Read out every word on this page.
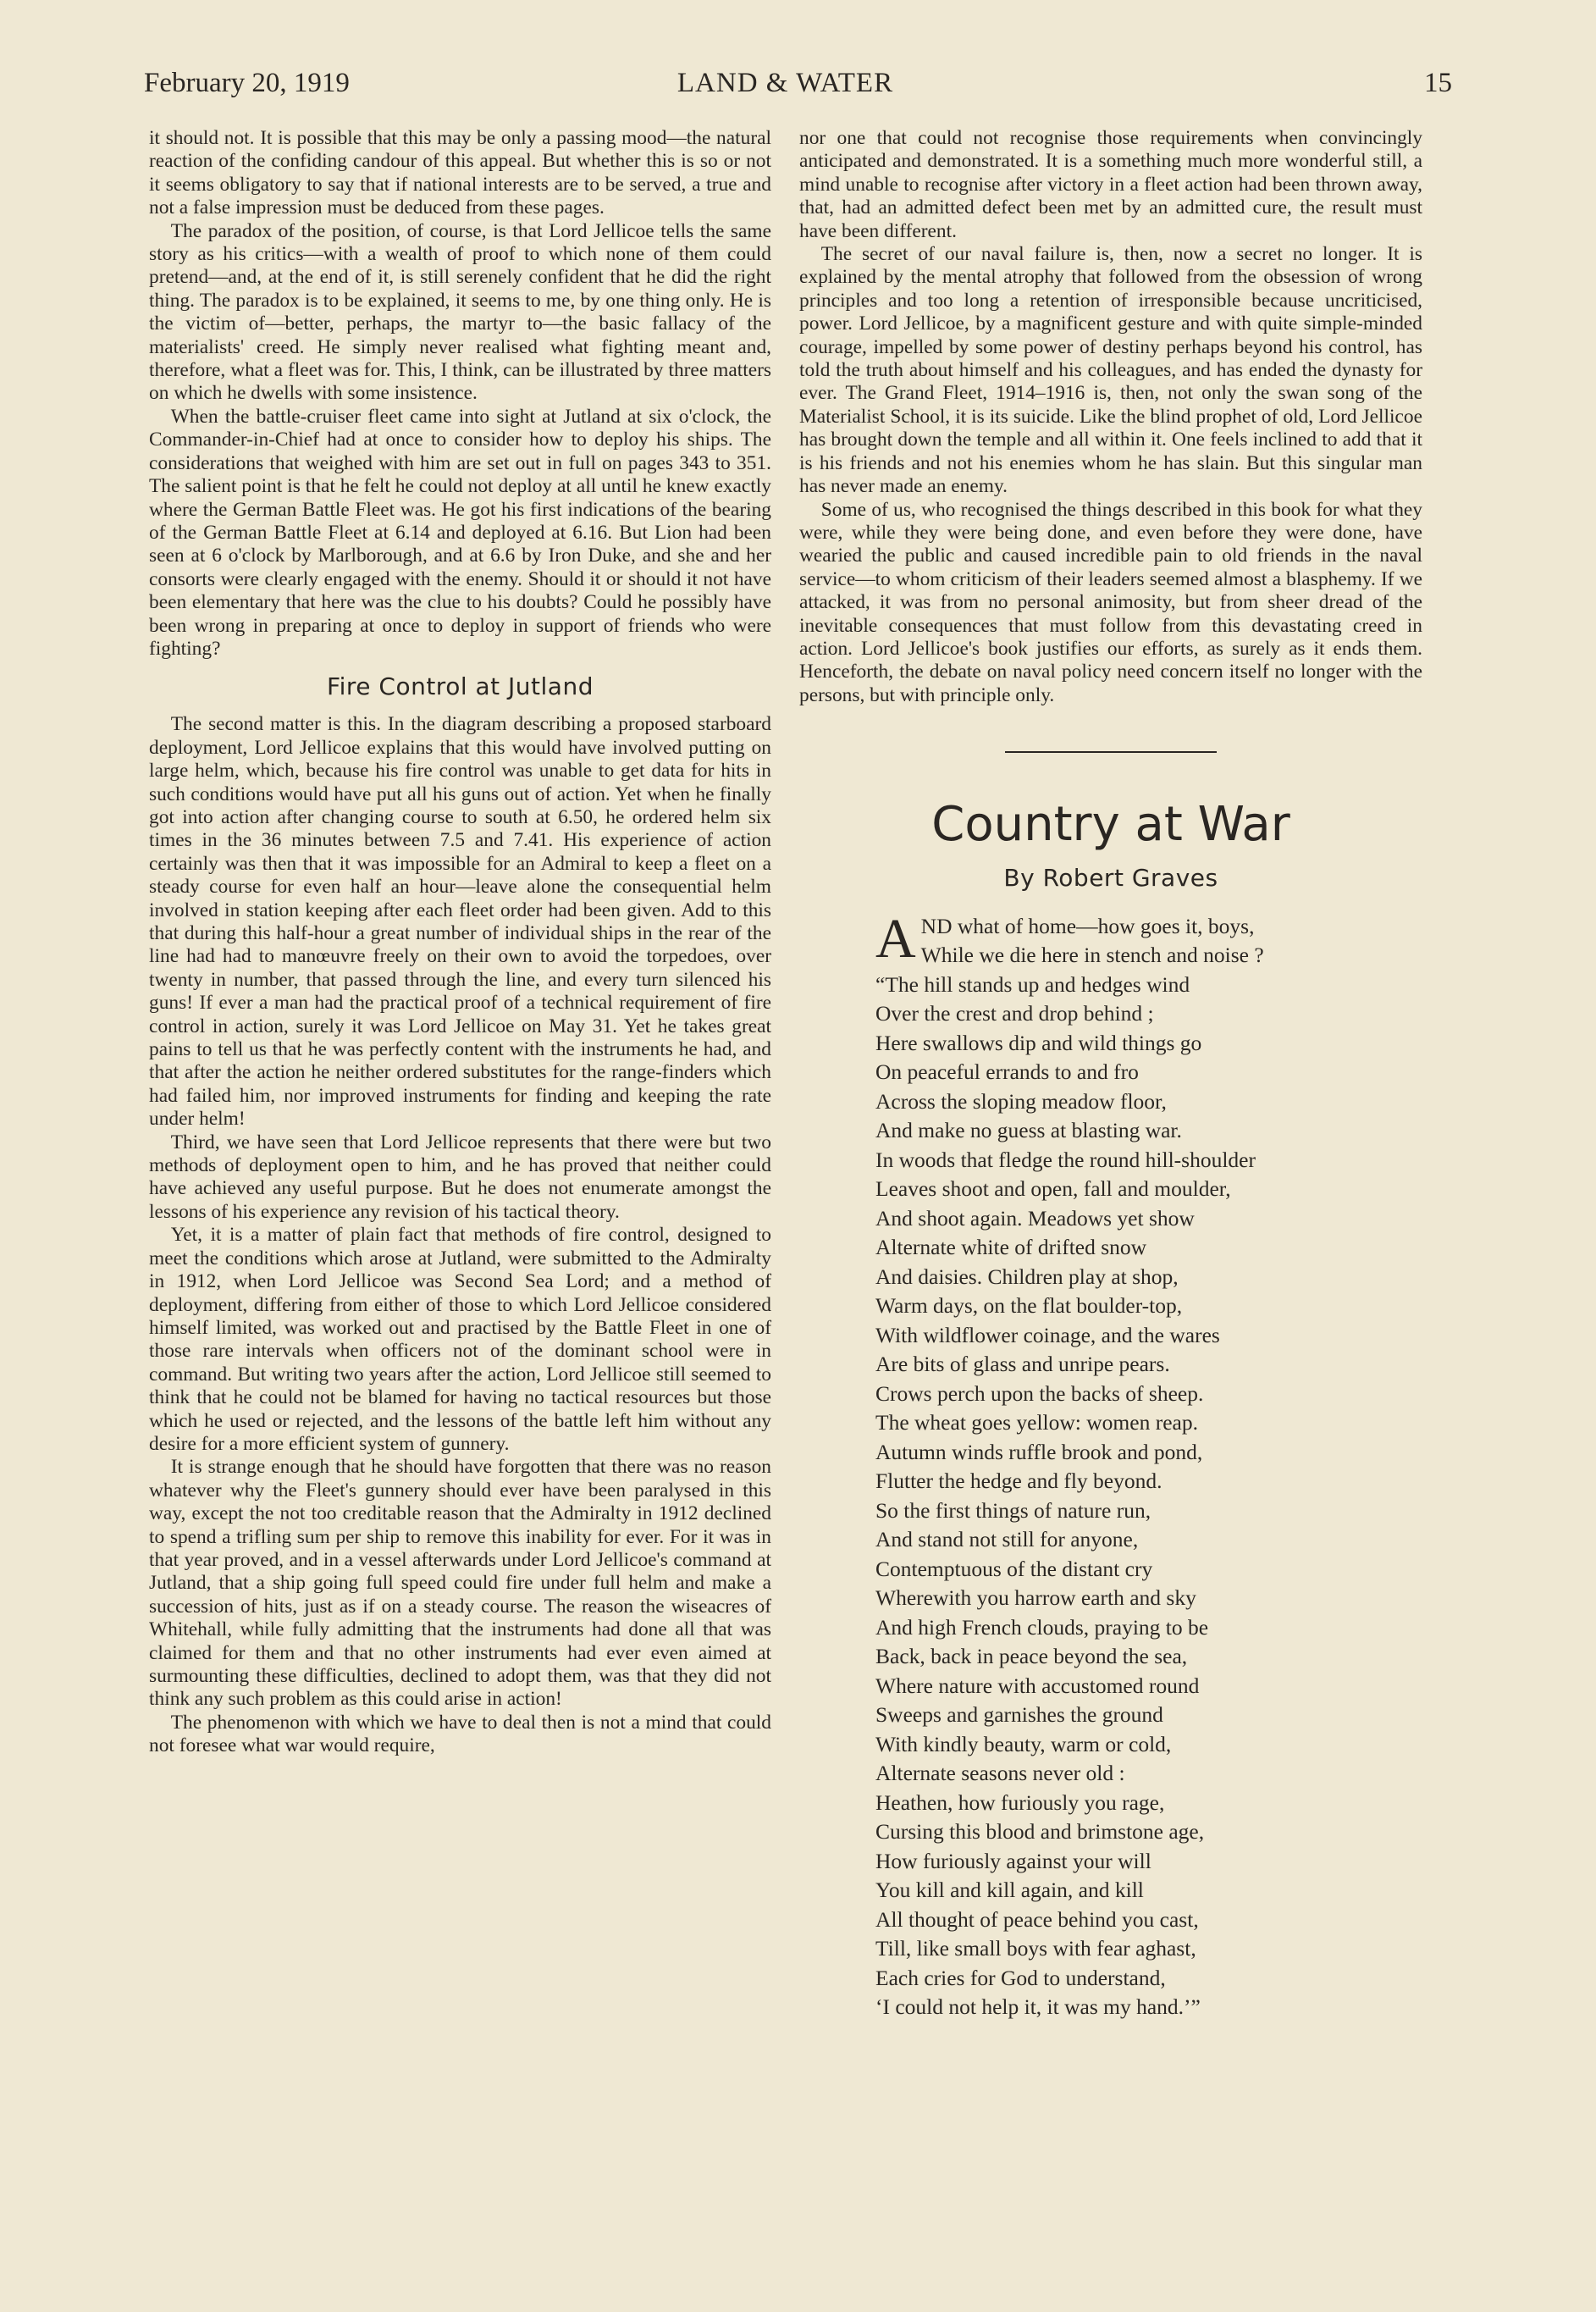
February 20, 1919	LAND & WATER	15

it should not. It is possible that this may be only a passing mood—the natural reaction of the confiding candour of this appeal. But whether this is so or not it seems obligatory to say that if national interests are to be served, a true and not a false impression must be deduced from these pages.

The paradox of the position, of course, is that Lord Jellicoe tells the same story as his critics—with a wealth of proof to which none of them could pretend—and, at the end of it, is still serenely confident that he did the right thing. The paradox is to be explained, it seems to me, by one thing only. He is the victim of—better, perhaps, the martyr to—the basic fallacy of the materialists' creed. He simply never realised what fighting meant and, therefore, what a fleet was for. This, I think, can be illustrated by three matters on which he dwells with some insistence.

When the battle-cruiser fleet came into sight at Jutland at six o'clock, the Commander-in-Chief had at once to consider how to deploy his ships. The considerations that weighed with him are set out in full on pages 343 to 351. The salient point is that he felt he could not deploy at all until he knew exactly where the German Battle Fleet was. He got his first indications of the bearing of the German Battle Fleet at 6.14 and deployed at 6.16. But Lion had been seen at 6 o'clock by Marlborough, and at 6.6 by Iron Duke, and she and her consorts were clearly engaged with the enemy. Should it or should it not have been elementary that here was the clue to his doubts? Could he possibly have been wrong in preparing at once to deploy in support of friends who were fighting?

Fire Control at Jutland

The second matter is this. In the diagram describing a proposed starboard deployment, Lord Jellicoe explains that this would have involved putting on large helm, which, because his fire control was unable to get data for hits in such conditions would have put all his guns out of action. Yet when he finally got into action after changing course to south at 6.50, he ordered helm six times in the 36 minutes between 7.5 and 7.41. His experience of action certainly was then that it was impossible for an Admiral to keep a fleet on a steady course for even half an hour—leave alone the consequential helm involved in station keeping after each fleet order had been given. Add to this that during this half-hour a great number of individual ships in the rear of the line had had to manœuvre freely on their own to avoid the torpedoes, over twenty in number, that passed through the line, and every turn silenced his guns! If ever a man had the practical proof of a technical requirement of fire control in action, surely it was Lord Jellicoe on May 31. Yet he takes great pains to tell us that he was perfectly content with the instruments he had, and that after the action he neither ordered substitutes for the range-finders which had failed him, nor improved instruments for finding and keeping the rate under helm!

Third, we have seen that Lord Jellicoe represents that there were but two methods of deployment open to him, and he has proved that neither could have achieved any useful purpose. But he does not enumerate amongst the lessons of his experience any revision of his tactical theory.

Yet, it is a matter of plain fact that methods of fire control, designed to meet the conditions which arose at Jutland, were submitted to the Admiralty in 1912, when Lord Jellicoe was Second Sea Lord; and a method of deployment, differing from either of those to which Lord Jellicoe considered himself limited, was worked out and practised by the Battle Fleet in one of those rare intervals when officers not of the dominant school were in command. But writing two years after the action, Lord Jellicoe still seemed to think that he could not be blamed for having no tactical resources but those which he used or rejected, and the lessons of the battle left him without any desire for a more efficient system of gunnery.

It is strange enough that he should have forgotten that there was no reason whatever why the Fleet's gunnery should ever have been paralysed in this way, except the not too creditable reason that the Admiralty in 1912 declined to spend a trifling sum per ship to remove this inability for ever. For it was in that year proved, and in a vessel afterwards under Lord Jellicoe's command at Jutland, that a ship going full speed could fire under full helm and make a succession of hits, just as if on a steady course. The reason the wiseacres of Whitehall, while fully admitting that the instruments had done all that was claimed for them and that no other instruments had ever even aimed at surmounting these difficulties, declined to adopt them, was that they did not think any such problem as this could arise in action!

The phenomenon with which we have to deal then is not a mind that could not foresee what war would require,

nor one that could not recognise those requirements when convincingly anticipated and demonstrated. It is a something much more wonderful still, a mind unable to recognise after victory in a fleet action had been thrown away, that, had an admitted defect been met by an admitted cure, the result must have been different.

The secret of our naval failure is, then, now a secret no longer. It is explained by the mental atrophy that followed from the obsession of wrong principles and too long a retention of irresponsible because uncriticised, power. Lord Jellicoe, by a magnificent gesture and with quite simple-minded courage, impelled by some power of destiny perhaps beyond his control, has told the truth about himself and his colleagues, and has ended the dynasty for ever. The Grand Fleet, 1914–1916 is, then, not only the swan song of the Materialist School, it is its suicide. Like the blind prophet of old, Lord Jellicoe has brought down the temple and all within it. One feels inclined to add that it is his friends and not his enemies whom he has slain. But this singular man has never made an enemy.

Some of us, who recognised the things described in this book for what they were, while they were being done, and even before they were done, have wearied the public and caused incredible pain to old friends in the naval service—to whom criticism of their leaders seemed almost a blasphemy. If we attacked, it was from no personal animosity, but from sheer dread of the inevitable consequences that must follow from this devastating creed in action. Lord Jellicoe's book justifies our efforts, as surely as it ends them. Henceforth, the debate on naval policy need concern itself no longer with the persons, but with principle only.

Country at War
By Robert Graves
AND what of home—how goes it, boys,
While we die here in stench and noise ?
“The hill stands up and hedges wind
Over the crest and drop behind ;
Here swallows dip and wild things go
On peaceful errands to and fro
Across the sloping meadow floor,
And make no guess at blasting war.
In woods that fledge the round hill-shoulder
Leaves shoot and open, fall and moulder,
And shoot again. Meadows yet show
Alternate white of drifted snow
And daisies. Children play at shop,
Warm days, on the flat boulder-top,
With wildflower coinage, and the wares
Are bits of glass and unripe pears.
Crows perch upon the backs of sheep.
The wheat goes yellow: women reap.
Autumn winds ruffle brook and pond,
Flutter the hedge and fly beyond.
So the first things of nature run,
And stand not still for anyone,
Contemptuous of the distant cry
Wherewith you harrow earth and sky
And high French clouds, praying to be
Back, back in peace beyond the sea,
Where nature with accustomed round
Sweeps and garnishes the ground
With kindly beauty, warm or cold,
Alternate seasons never old :
Heathen, how furiously you rage,
Cursing this blood and brimstone age,
How furiously against your will
You kill and kill again, and kill
All thought of peace behind you cast,
Till, like small boys with fear aghast,
Each cries for God to understand,
‘I could not help it, it was my hand.’”
